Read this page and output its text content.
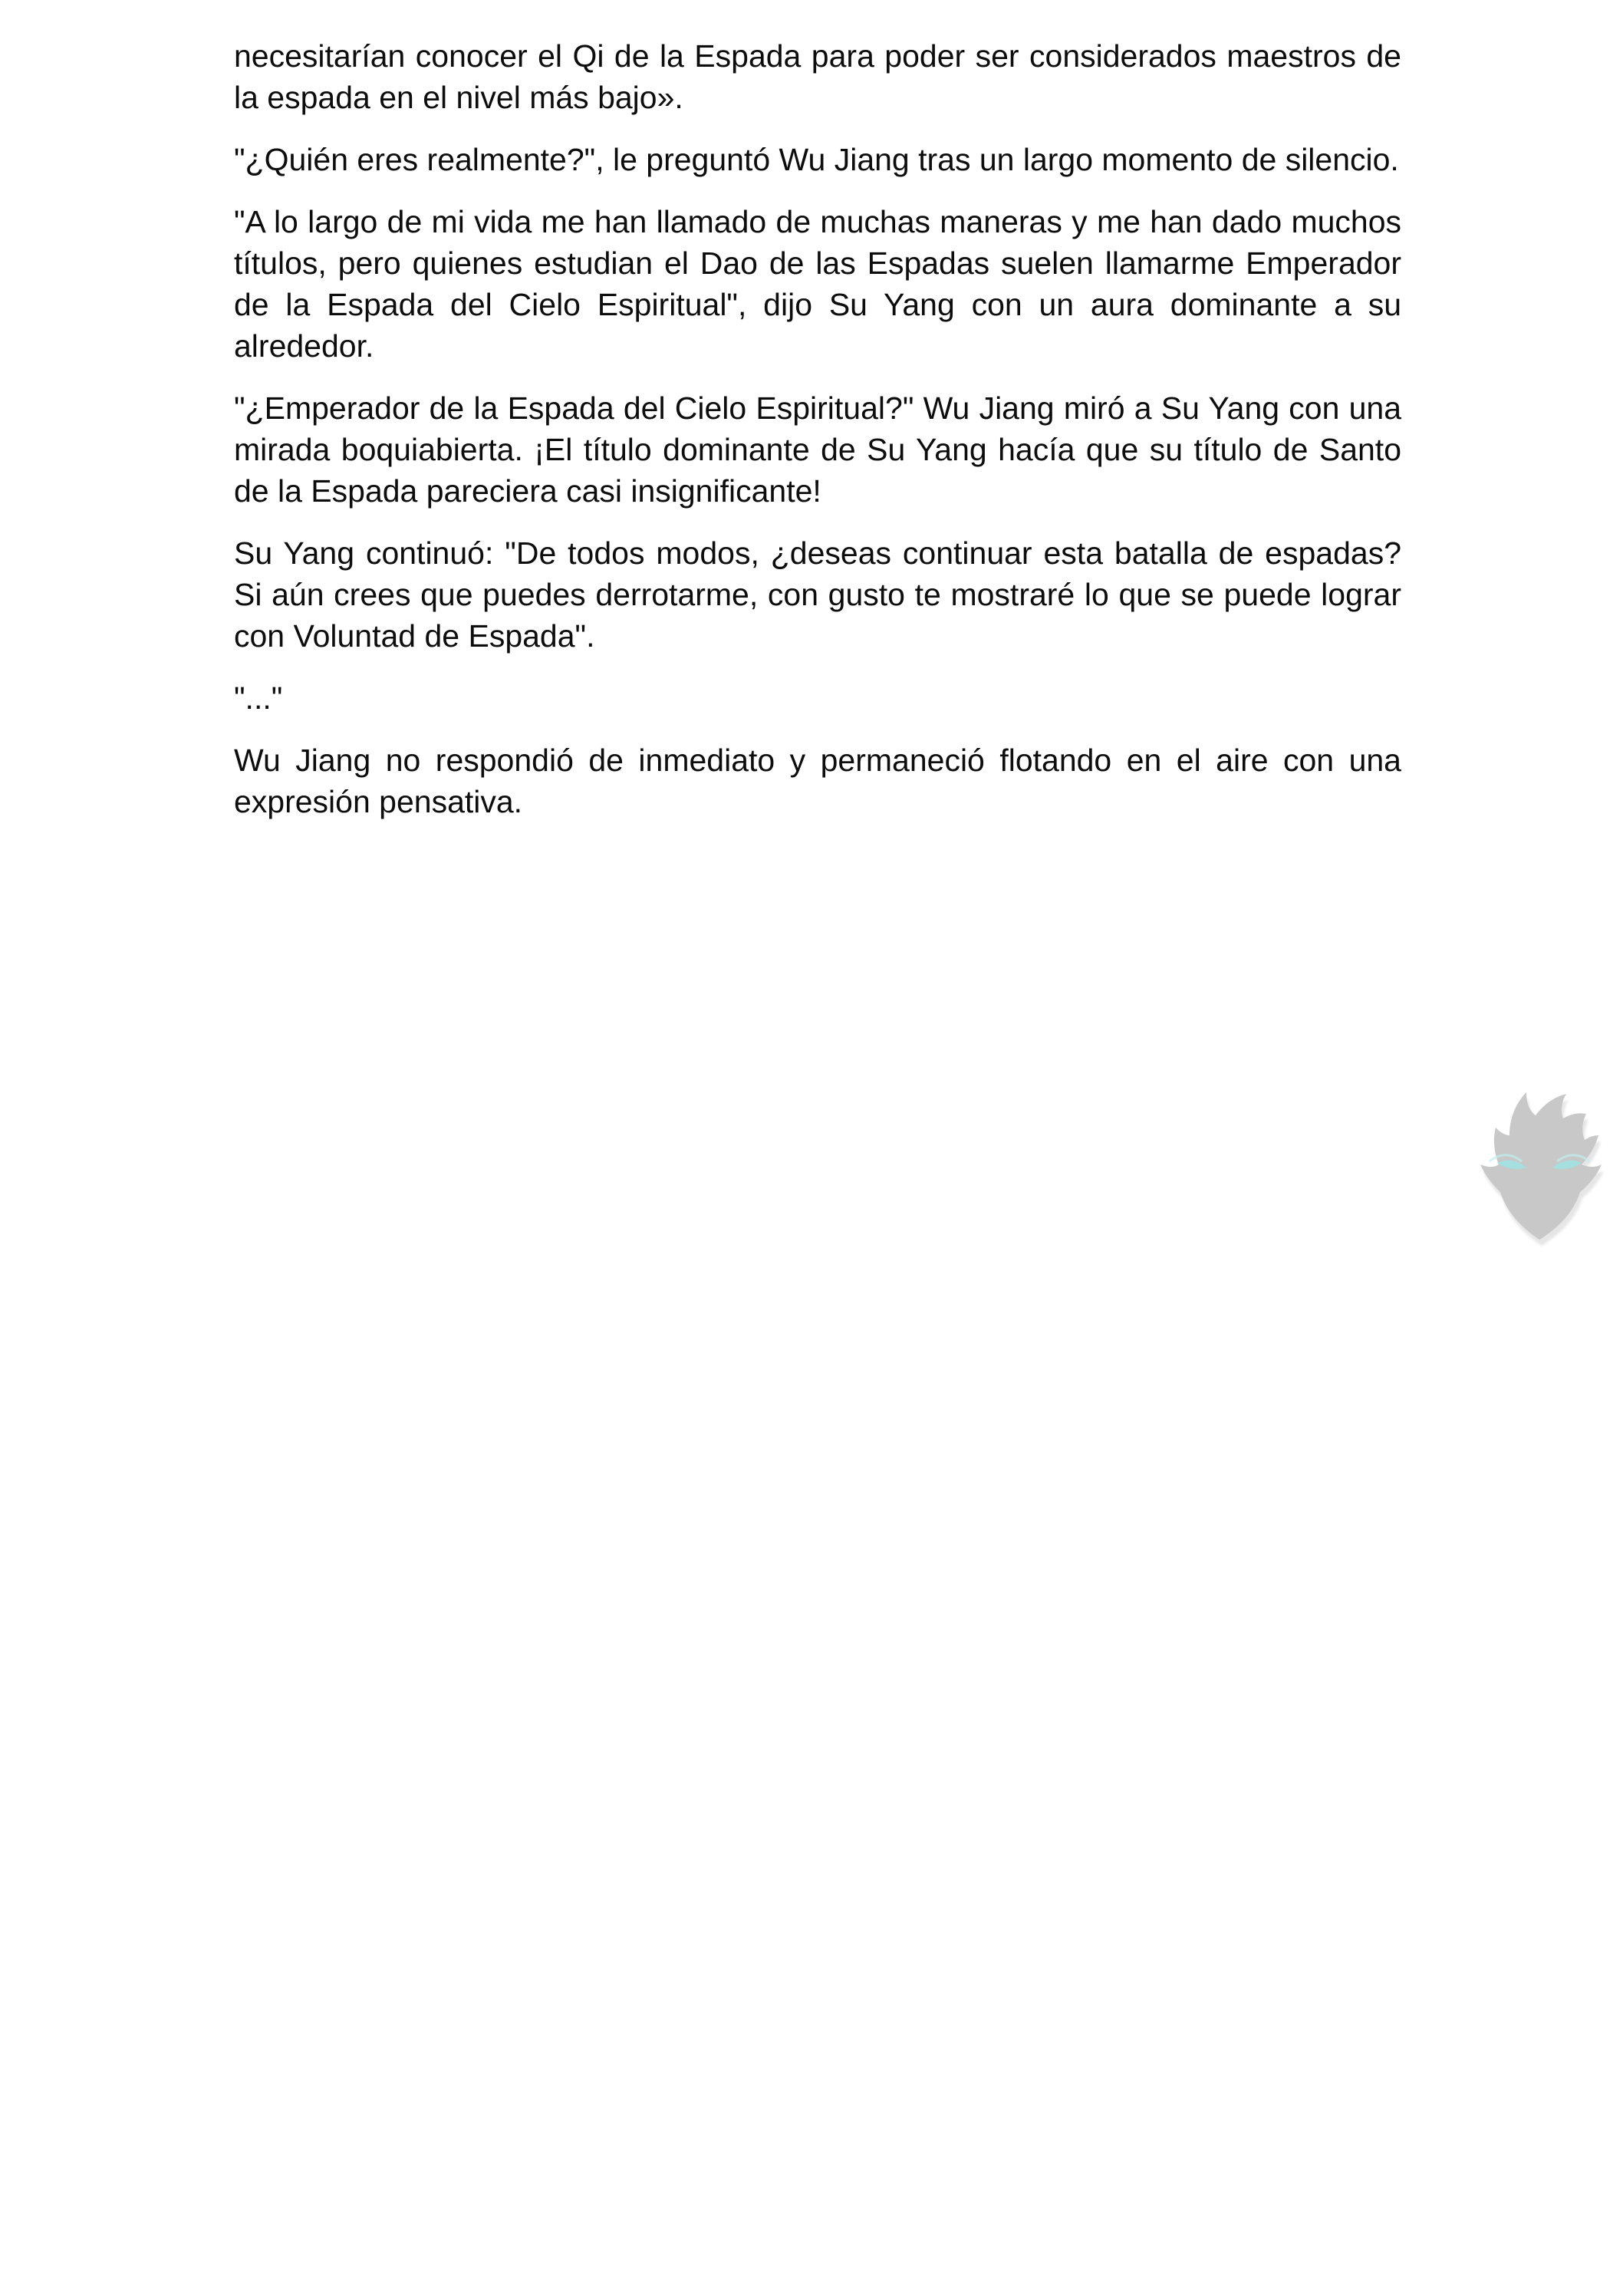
necesitarían conocer el Qi de la Espada para poder ser considerados maestros de la espada en el nivel más bajo».

"¿Quién eres realmente?", le preguntó Wu Jiang tras un largo momento de silencio.

"A lo largo de mi vida me han llamado de muchas maneras y me han dado muchos títulos, pero quienes estudian el Dao de las Espadas suelen llamarme Emperador de la Espada del Cielo Espiritual", dijo Su Yang con un aura dominante a su alrededor.

"¿Emperador de la Espada del Cielo Espiritual?" Wu Jiang miró a Su Yang con una mirada boquiabierta. ¡El título dominante de Su Yang hacía que su título de Santo de la Espada pareciera casi insignificante!

Su Yang continuó: "De todos modos, ¿deseas continuar esta batalla de espadas? Si aún crees que puedes derrotarme, con gusto te mostraré lo que se puede lograr con Voluntad de Espada".

"..."

Wu Jiang no respondió de inmediato y permaneció flotando en el aire con una expresión pensativa.
